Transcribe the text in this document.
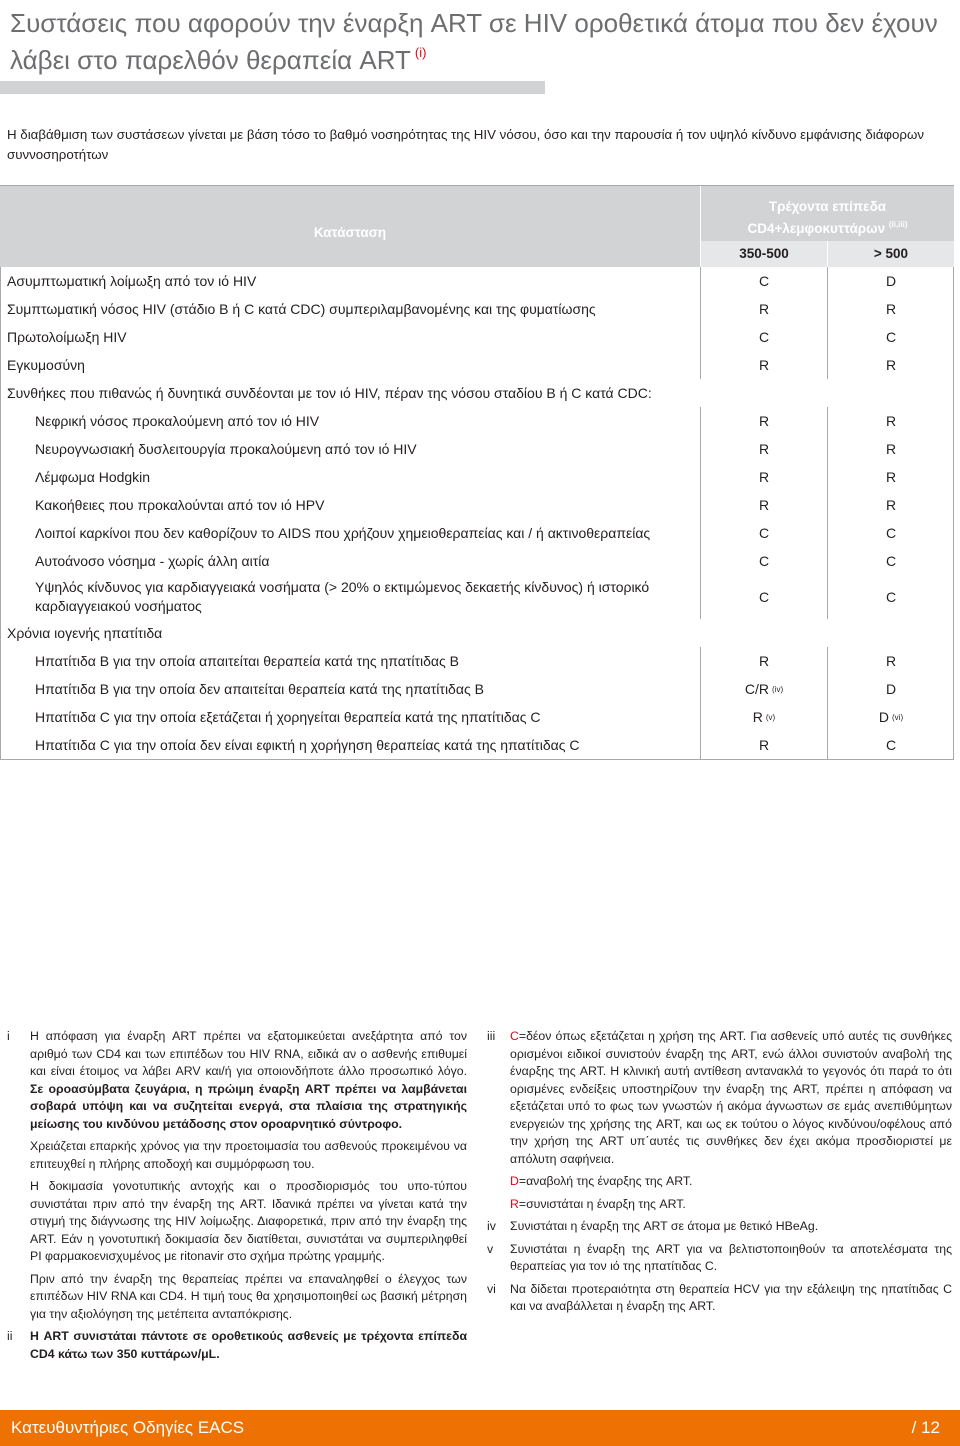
Συστάσεις που αφορούν την έναρξη ART σε HIV οροθετικά άτομα που δεν έχουν λάβει στο παρελθόν θεραπεία ART $^{(i)}$

Η διαβάθμιση των συστάσεων γίνεται με βάση τόσο το βαθμό νοσηρότητας της HIV νόσου, όσο και την παρουσία ή τον υψηλό κίνδυνο εμφάνισης διάφορων συννοσηροτήτων

Κατάσταση
Τρέχοντα επίπεδα
CD4+λεμφοκυττάρων $^{(ii,iii)}$
350-500	> 500
Ασυμπτωματική λοίμωξη από τον ιό HIV	C	D
Συμπτωματική νόσος HIV (στάδιο B ή C κατά CDC) συμπεριλαμβανομένης και της φυματίωσης	R	R
Πρωτολοίμωξη HIV	C	C
Εγκυμοσύνη	R	R
Συνθήκες που πιθανώς ή δυνητικά συνδέονται με τον ιό HIV, πέραν της νόσου σταδίου B ή C κατά CDC:
Νεφρική νόσος προκαλούμενη από τον ιό HIV	R	R
Νευρογνωσιακή δυσλειτουργία προκαλούμενη από τον ιό HIV	R	R
Λέμφωμα Hodgkin	R	R
Κακοήθειες που προκαλούνται από τον ιό HPV	R	R
Λοιποί καρκίνοι που δεν καθορίζουν το AIDS που χρήζουν χημειοθεραπείας και / ή ακτινοθεραπείας	C	C
Αυτοάνοσο νόσημα - χωρίς άλλη αιτία	C	C
Υψηλός κίνδυνος για καρδιαγγειακά νοσήματα (> 20% ο εκτιμώμενος δεκαετής κίνδυνος) ή ιστορικό καρδιαγγειακού νοσήματος
C	C
Χρόνια ιογενής ηπατίτιδα
Ηπατίτιδα B για την οποία απαιτείται θεραπεία κατά της ηπατίτιδας B	R	R
Ηπατίτιδα B για την οποία δεν απαιτείται θεραπεία κατά της ηπατίτιδας B	C/R (iv)	D
Ηπατίτιδα C για την οποία εξετάζεται ή χορηγείται θεραπεία κατά της ηπατίτιδας C	R (v)	D (vi)
Ηπατίτιδα C για την οποία δεν είναι εφικτή η χορήγηση θεραπείας κατά της ηπατίτιδας C	R	C
i Η απόφαση για έναρξη ART πρέπει να εξατομικεύεται ανεξάρτητα από τον αριθμό των CD4 και των επιπέδων του HIV RNA, ειδικά αν ο ασθενής επιθυμεί και είναι έτοιμος να λάβει ARV και/ή για οποιονδήποτε άλλο προσωπικό λόγο. Σε οροασύμβατα ζευγάρια, η πρώιμη έναρξη ART πρέπει να λαμβάνεται σοβαρά υπόψη και να συζητείται ενεργά, στα πλαίσια της στρατηγικής μείωσης του κινδύνου μετάδοσης στον οροαρνητικό σύντροφο.

Χρειάζεται επαρκής χρόνος για την προετοιμασία του ασθενούς προκειμένου να επιτευχθεί η πλήρης αποδοχή και συμμόρφωση του.

Η δοκιμασία γονοτυπικής αντοχής και ο προσδιορισμός του υπο-τύπου συνιστάται πριν από την έναρξη της ART. Ιδανικά πρέπει να γίνεται κατά την στιγμή της διάγνωσης της HIV λοίμωξης. Διαφορετικά, πριν από την έναρξη της ART. Εάν η γονοτυπική δοκιμασία δεν διατίθεται, συνιστάται να συμπεριληφθεί PI φαρμακοενισχυμένος με ritonavir στο σχήμα πρώτης γραμμής.

Πριν από την έναρξη της θεραπείας πρέπει να επαναληφθεί ο έλεγχος των επιπέδων HIV RNA και CD4. Η τιμή τους θα χρησιμοποιηθεί ως βασική μέτρηση για την αξιολόγηση της μετέπειτα ανταπόκρισης.

ii Η ART συνιστάται πάντοτε σε οροθετικούς ασθενείς με τρέχοντα επίπεδα CD4 κάτω των 350 κυττάρων/μL.

iii C=δέον όπως εξετάζεται η χρήση της ART. Για ασθενείς υπό αυτές τις συνθήκες ορισμένοι ειδικοί συνιστούν έναρξη της ART, ενώ άλλοι συνιστούν αναβολή της έναρξης της ART. Η κλινική αυτή αντίθεση αντανακλά το γεγονός ότι παρά το ότι ορισμένες ενδείξεις υποστηρίζουν την έναρξη της ART, πρέπει η απόφαση να εξετάζεται υπό το φως των γνωστών ή ακόμα άγνωστων σε εμάς ανεπιθύμητων ενεργειών της χρήσης της ART, και ως εκ τούτου ο λόγος κινδύνου/οφέλους από την χρήση της ART υπ΄αυτές τις συνθήκες δεν έχει ακόμα προσδιοριστεί με απόλυτη σαφήνεια.

D=αναβολή της έναρξης της ART.

R=συνιστάται η έναρξη της ART.

iv Συνιστάται η έναρξη της ART σε άτομα με θετικό HBeAg.

v Συνιστάται η έναρξη της ART για να βελτιστοποιηθούν τα αποτελέσματα της θεραπείας για τον ιό της ηπατίτιδας C.

vi Να δίδεται προτεραιότητα στη θεραπεία HCV για την εξάλειψη της ηπατίτιδας C και να αναβάλλεται η έναρξη της ART.

Κατευθυντήριες Οδηγίες EACS	/ 12
